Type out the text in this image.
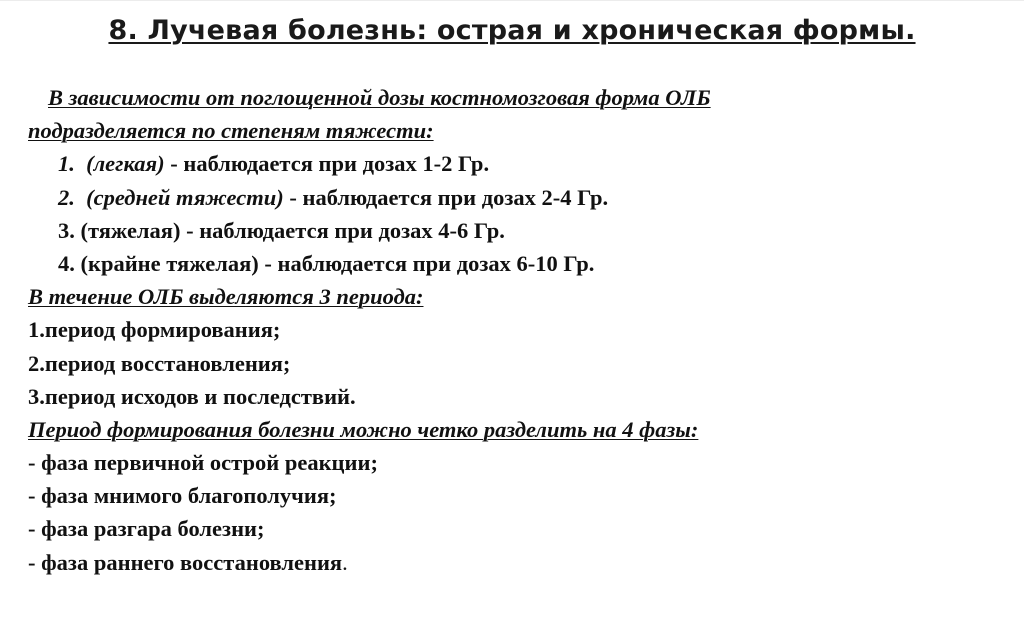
8. Лучевая болезнь: острая и хроническая формы.
В зависимости от поглощенной дозы костномозговая форма ОЛБ
подразделяется по степеням тяжести:
1. (легкая) - наблюдается при дозах 1-2 Гр.
2. (средней тяжести) - наблюдается при дозах 2-4 Гр.
3. (тяжелая) - наблюдается при дозах 4-6 Гр.
4. (крайне тяжелая) - наблюдается при дозах 6-10 Гр.
В течение ОЛБ выделяются 3 периода:
1.период формирования;
2.период восстановления;
3.период исходов и последствий.
Период формирования болезни можно четко разделить на 4 фазы:
- фаза первичной острой реакции;
- фаза мнимого благополучия;
- фаза разгара болезни;
- фаза раннего восстановления.
